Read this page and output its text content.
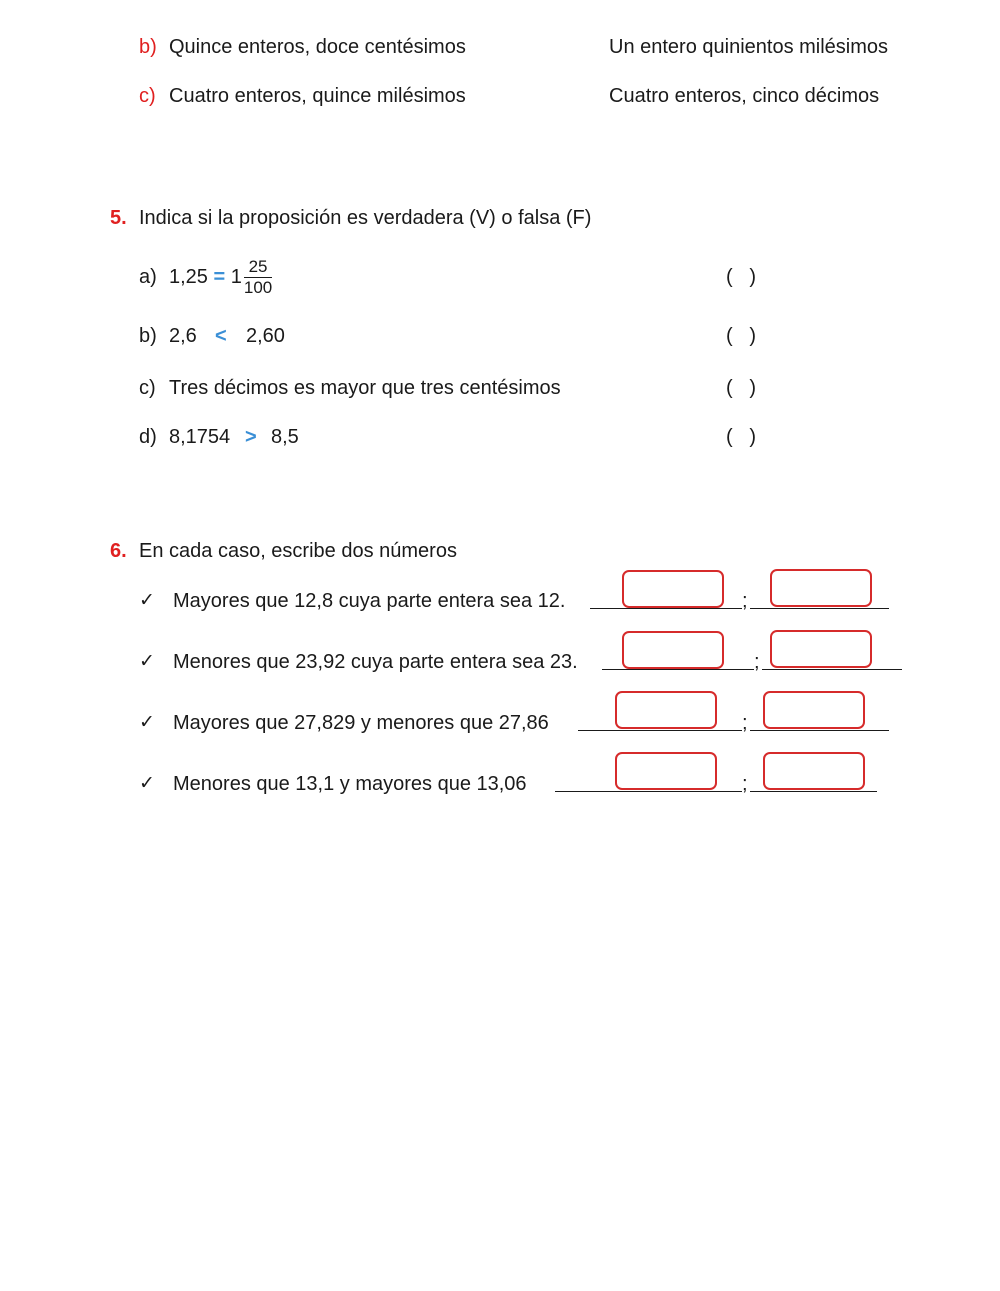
b) Quince enteros, doce centésimos	Un entero quinientos milésimos
c) Cuatro enteros, quince milésimos	Cuatro enteros, cinco décimos
5. Indica si la proposición es verdadera (V) o falsa (F)
a) $1,25 = 1 \frac{25}{100}$	(   )
b) 2,6 < 2,60	(   )
c) Tres décimos es mayor que tres centésimos	(   )
d) 8,1754 > 8,5	(   )
6. En cada caso, escribe dos números
✓ Mayores que 12,8 cuya parte entera sea 12.	;
✓ Menores que 23,92 cuya parte entera sea 23.	;
✓ Mayores que 27,829 y menores que 27,86	;
✓ Menores que 13,1 y mayores que 13,06	;
